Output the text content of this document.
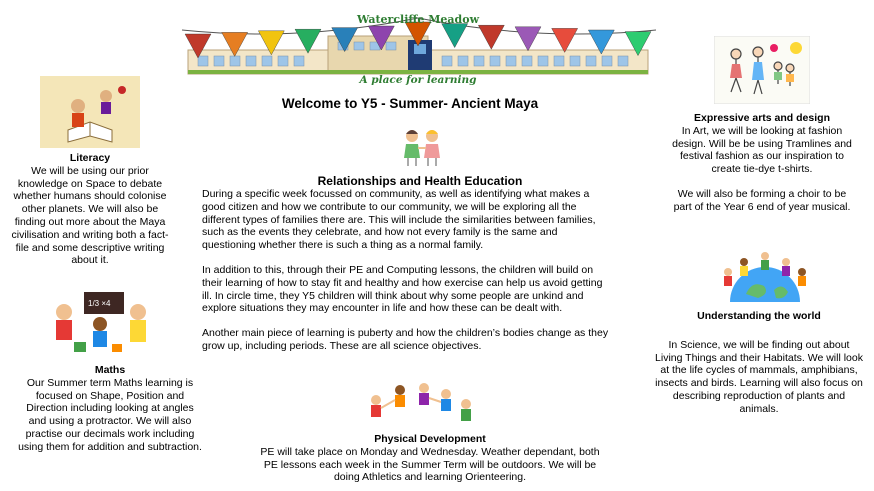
Watercliffe Meadow
A place for learning
Welcome to Y5 - Summer- Ancient Maya
Literacy
We will be using our prior
knowledge on Space to debate
whether humans should colonise
other planets. We will also be
finding out more about the Maya
civilisation and writing both a fact-
file and some descriptive writing
about it.
1/3 ×4
Maths
Our Summer term Maths learning is
focused on Shape, Position and
Direction including looking at angles
and using a protractor. We will also
practise our decimals work including
using them for addition and subtraction.
Relationships and Health Education
During a specific week focussed on community, as well as identifying what makes a
good citizen and how we contribute to our community, we will be exploring all the
different types of families there are. This will include the similarities between families,
such as the events they celebrate, and how not every family is the same and
questioning whether there is such a thing as a normal family.
In addition to this, through their PE and Computing lessons, the children will build on
their learning of how to stay fit and healthy and how exercise can help us avoid getting
ill. In circle time, they Y5 children will think about why some people are unkind and
explore situations they may encounter in life and how these can be dealt with.
Another main piece of learning is puberty and how the children’s bodies change as they
grow up, including periods. These are all science objectives.
Physical Development
PE will take place on Monday and Wednesday. Weather dependant, both
PE lessons each week in the Summer Term will be outdoors. We will be
doing Athletics and learning Orienteering.
Expressive arts and design
In Art, we will be looking at fashion
design. Will be be using Tramlines and
festival fashion as our inspiration to
create tie-dye t-shirts.
We will also be forming a choir to be
part of the Year 6 end of year musical.
Understanding the world
In Science, we will be finding out about
Living Things and their Habitats. We will look
at the life cycles of mammals, amphibians,
insects and birds. Learning will also focus on
describing reproduction of plants and
animals.
